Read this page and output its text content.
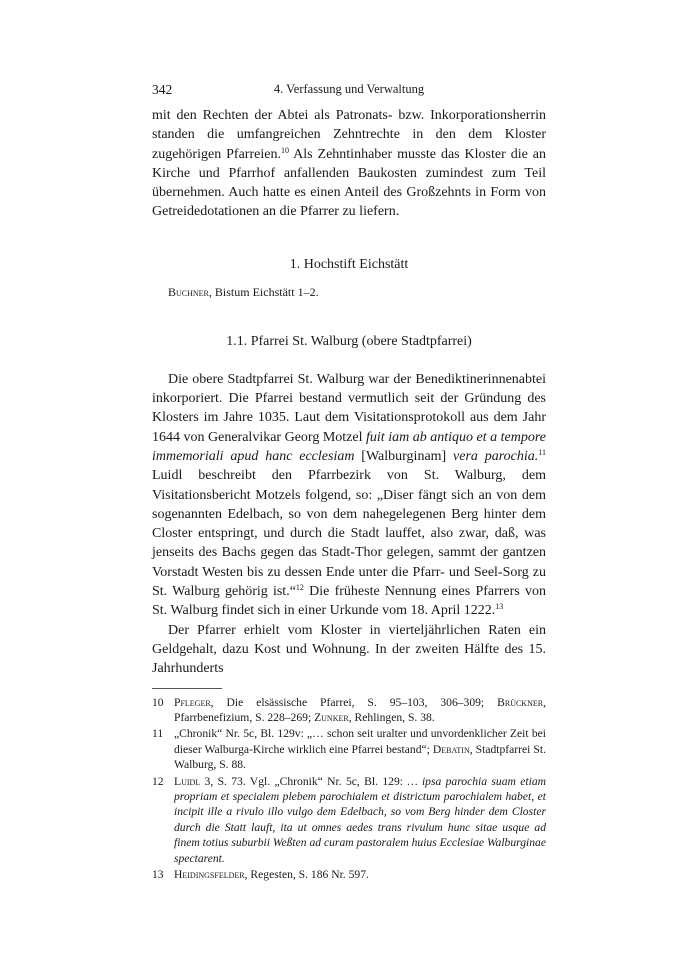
342	4. Verfassung und Verwaltung

mit den Rechten der Abtei als Patronats- bzw. Inkorporationsherrin standen die umfangreichen Zehntrechte in den dem Kloster zugehörigen Pfarreien.$^{10}$ Als Zehntinhaber musste das Kloster die an Kirche und Pfarrhof anfallenden Baukosten zumindest zum Teil übernehmen. Auch hatte es einen Anteil des Großzehnts in Form von Getreidedotationen an die Pfarrer zu liefern.

1. Hochstift Eichstätt
Buchner, Bistum Eichstätt 1–2.
1.1. Pfarrei St. Walburg (obere Stadtpfarrei)

Die obere Stadtpfarrei St. Walburg war der Benediktinerinnenabtei inkorporiert. Die Pfarrei bestand vermutlich seit der Gründung des Klosters im Jahre 1035. Laut dem Visitationsprotokoll aus dem Jahr 1644 von Generalvikar Georg Motzel fuit iam ab antiquo et a tempore immemoriali apud hanc ecclesiam [Walburginam] vera parochia.$^{11}$ Luidl beschreibt den Pfarrbezirk von St. Walburg, dem Visitationsbericht Motzels folgend, so: „Diser fängt sich an von dem sogenannten Edelbach, so von dem nahegelegenen Berg hinter dem Closter entspringt, und durch die Stadt lauffet, also zwar, daß, was jenseits des Bachs gegen das Stadt-Thor gelegen, sammt der gantzen Vorstadt Westen bis zu dessen Ende unter die Pfarr- und Seel-Sorg zu St. Walburg gehörig ist.“$^{12}$ Die früheste Nennung eines Pfarrers von St. Walburg findet sich in einer Urkunde vom 18. April 1222.13

Der Pfarrer erhielt vom Kloster in vierteljährlichen Raten ein Geldgehalt, dazu Kost und Wohnung. In der zweiten Hälfte des 15. Jahrhunderts

10 Pfleger, Die elsässische Pfarrei, S. 95–103, 306–309; Brückner, Pfarrbenefizium, S. 228–269; Zunker, Rehlingen, S. 38.
11 „Chronik“ Nr. 5c, Bl. 129v: „… schon seit uralter und unvordenklicher Zeit bei dieser Walburga-Kirche wirklich eine Pfarrei bestand“; Debatin, Stadtpfarrei St. Walburg, S. 88.
12 Luidl 3, S. 73. Vgl. „Chronik“ Nr. 5c, Bl. 129: … ipsa parochia suam etiam propriam et specialem plebem parochialem et districtum parochialem habet, et incipit ille a rivulo illo vulgo dem Edelbach, so vom Berg hinder dem Closter durch die Statt lauft, ita ut omnes aedes trans rivulum hunc sitae usque ad finem totius suburbii Weßten ad curam pastoralem huius Ecclesiae Walburginae spectarent.
13 Heidingsfelder, Regesten, S. 186 Nr. 597.
